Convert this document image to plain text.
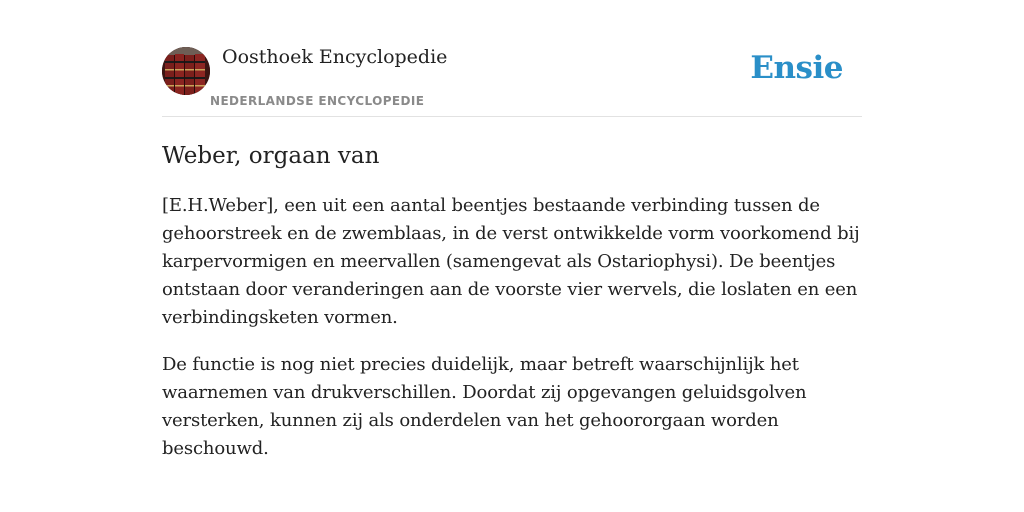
Oosthoek Encyclopedie
NEDERLANDSE ENCYCLOPEDIE
Ensie
Weber, orgaan van

[E.H.Weber], een uit een aantal beentjes bestaande verbinding tussen de gehoorstreek en de zwemblaas, in de verst ontwikkelde vorm voorkomend bij karpervormigen en meervallen (samengevat als Ostariophysi). De beentjes ontstaan door veranderingen aan de voorste vier wervels, die loslaten en een verbindingsketen vormen.

De functie is nog niet precies duidelijk, maar betreft waarschijnlijk het waarnemen van drukverschillen. Doordat zij opgevangen geluidsgolven versterken, kunnen zij als onderdelen van het gehoororgaan worden beschouwd.
